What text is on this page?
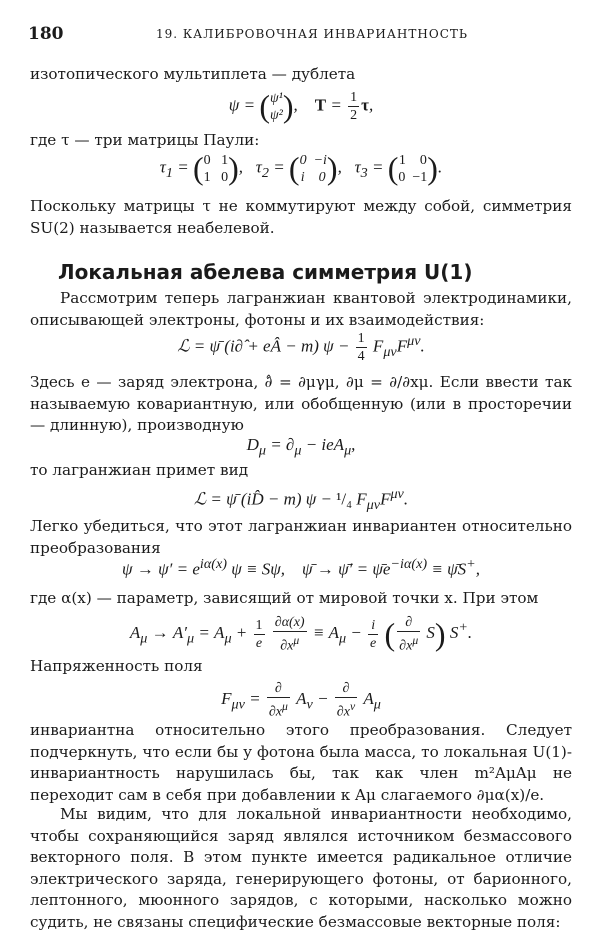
180	19. КАЛИБРОВОЧНАЯ ИНВАРИАНТНОСТЬ
изотопического мультиплета — дублета
ψ = ( ψ¹
ψ² ),    $T = \frac{1}{2} \tau$,
где τ — три матрицы Паули:
$\tau_1$ = ( 0   1
1   0 ),   $\tau_2$ = ( 0  −i
i    0 ),   $\tau_3$ = ( 1    0
0  −1 ).
Поскольку матрицы τ не коммутируют между собой, симметрия SU(2) называется неабелевой.
Локальная абелева симметрия U(1)
Рассмотрим теперь лагранжиан квантовой электродинамики, описывающей электроны, фотоны и их взаимодействия:
ℒ = ψ̄ (i∂̂ + eÂ − m) $\psi - \frac{1}{4} F_{\mu\nu}F^{\mu\nu}$.
Здесь e — заряд электрона, ∂̂ = ∂μγμ, ∂μ = ∂/∂xμ. Если ввести так называемую ковариантную, или обобщенную (или в просторечии — длинную), производную
$D_\mu = \partial_\mu - ieA_\mu$,
то лагранжиан примет вид
ℒ = ψ̄ (iD̂ − m) ψ − ¹/₄ $F_{\mu\nu}F^{\mu\nu}$.
Легко убедиться, что этот лагранжиан инвариантен относительно преобразования
$\psi \to \psi' = e^{i\alpha(x)}$ ψ ≡ Sψ,    ψ̄ → ψ̄′ = $\psīe^{-i\alpha(x)}$ ≡ ψ̄S+,
где α(x) — параметр, зависящий от мировой точки x. При этом
$A_\mu \to A'_\mu = A_\mu + \frac{1}{e}$
$\frac{\partial\alpha(x)}{\partial x^\mu} \equiv A_\mu - \frac{i}{e}$ ( $\frac{\partial}{\partial x^\mu} S$) S+.
Напряженность поля
$F_{\mu\nu} = \frac{\partial}{\partial x^\mu} A_\nu - \frac{\partial}{\partial x^\nu} A_\mu$
инвариантна относительно этого преобразования. Следует подчеркнуть, что если бы у фотона была масса, то локальная U(1)-инвариантность нарушилась бы, так как член m²AμAμ не переходит сам в себя при добавлении к Aμ слагаемого ∂μα(x)/e.
Мы видим, что для локальной инвариантности необходимо, чтобы сохраняющийся заряд являлся источником безмассового векторного поля. В этом пункте имеется радикальное отличие электрического заряда, генерирующего фотоны, от барионного, лептонного, мюонного зарядов, с которыми, насколько можно судить, не связаны специфические безмассовые векторные поля:
